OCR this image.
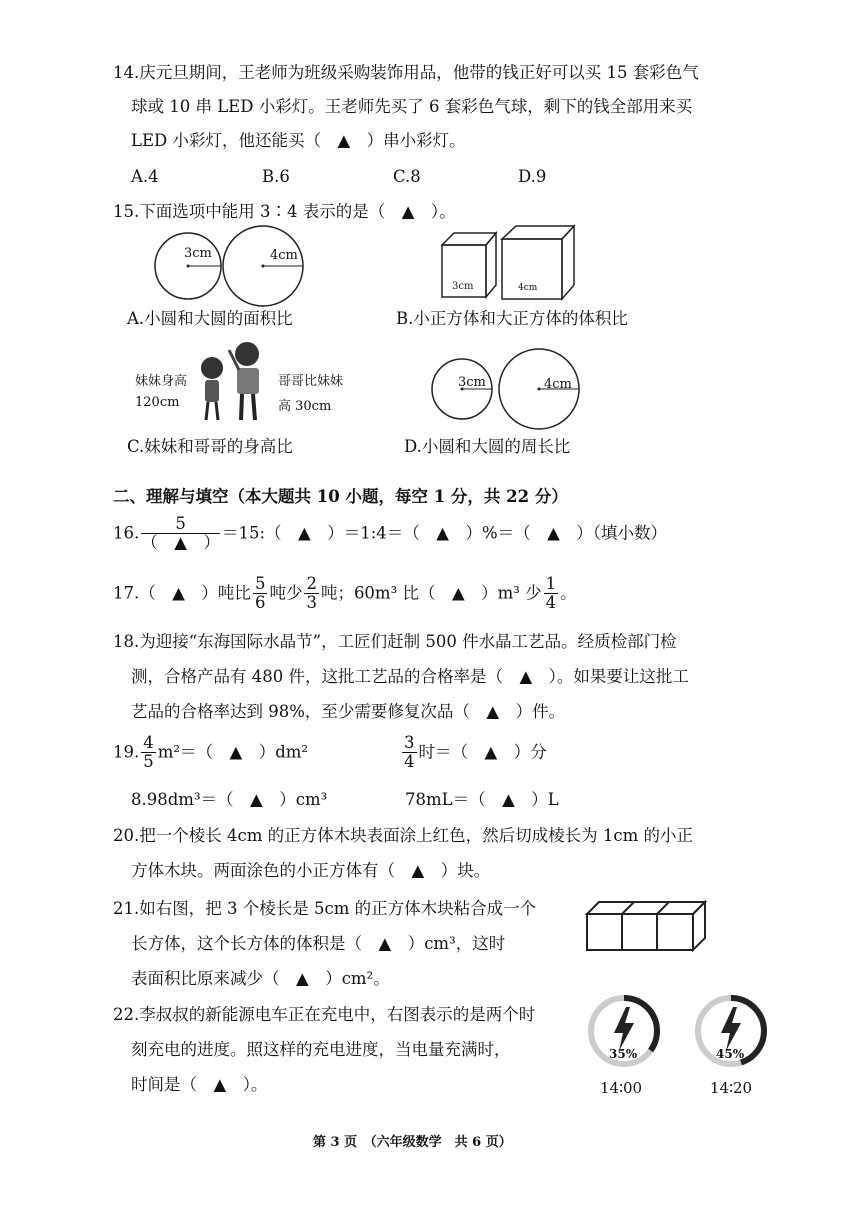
14.庆元旦期间，王老师为班级采购装饰用品，他带的钱正好可以买 15 套彩色气
球或 10 串 LED 小彩灯。王老师先买了 6 套彩色气球，剩下的钱全部用来买
LED 小彩灯，他还能买（　▲　）串小彩灯。
A.4	B.6	C.8	D.9
15.下面选项中能用 3∶4 表示的是（　▲　）。
3cm	4cm
A.小圆和大圆的面积比
3cm	4cm
B.小正方体和大正方体的体积比
妹妹身高
120cm
哥哥比妹妹
高 30cm
C.妹妹和哥哥的身高比
3cm	4cm
D.小圆和大圆的周长比
二、理解与填空（本大题共 10 小题，每空 1 分，共 22 分）
16. $\frac{5}{( ▲ )}$ ＝15:（　▲　）＝1:4＝（　▲　）%＝（　▲　）（填小数）
17.（　▲　）吨比 $\frac{5}{6}$ 吨少 $\frac{2}{3}$ 吨；60m³ 比（　▲　）m³ 少 $\frac{1}{4}$ 。
18.为迎接“东海国际水晶节”，工匠们赶制 500 件水晶工艺品。经质检部门检
测，合格产品有 480 件，这批工艺品的合格率是（　▲　）。如果要让这批工
艺品的合格率达到 98%，至少需要修复次品（　▲　）件。
19. $\frac{4}{5} m^2=$（　▲　）dm²	$\frac{3}{4}$ 时＝（　▲　）分
8.98dm³＝（　▲　）cm³	78mL＝（　▲　）L
20.把一个棱长 4cm 的正方体木块表面涂上红色，然后切成棱长为 1cm 的小正
方体木块。两面涂色的小正方体有（　▲　）块。
21.如右图，把 3 个棱长是 5cm 的正方体木块粘合成一个
长方体，这个长方体的体积是（　▲　）cm³，这时
表面积比原来减少（　▲　）cm²。
22.李叔叔的新能源电车正在充电中，右图表示的是两个时
刻充电的进度。照这样的充电进度，当电量充满时，
时间是（　▲　）。
35%
14∶00
45%
14∶20
第 3 页　（六年级数学　共 6 页）
